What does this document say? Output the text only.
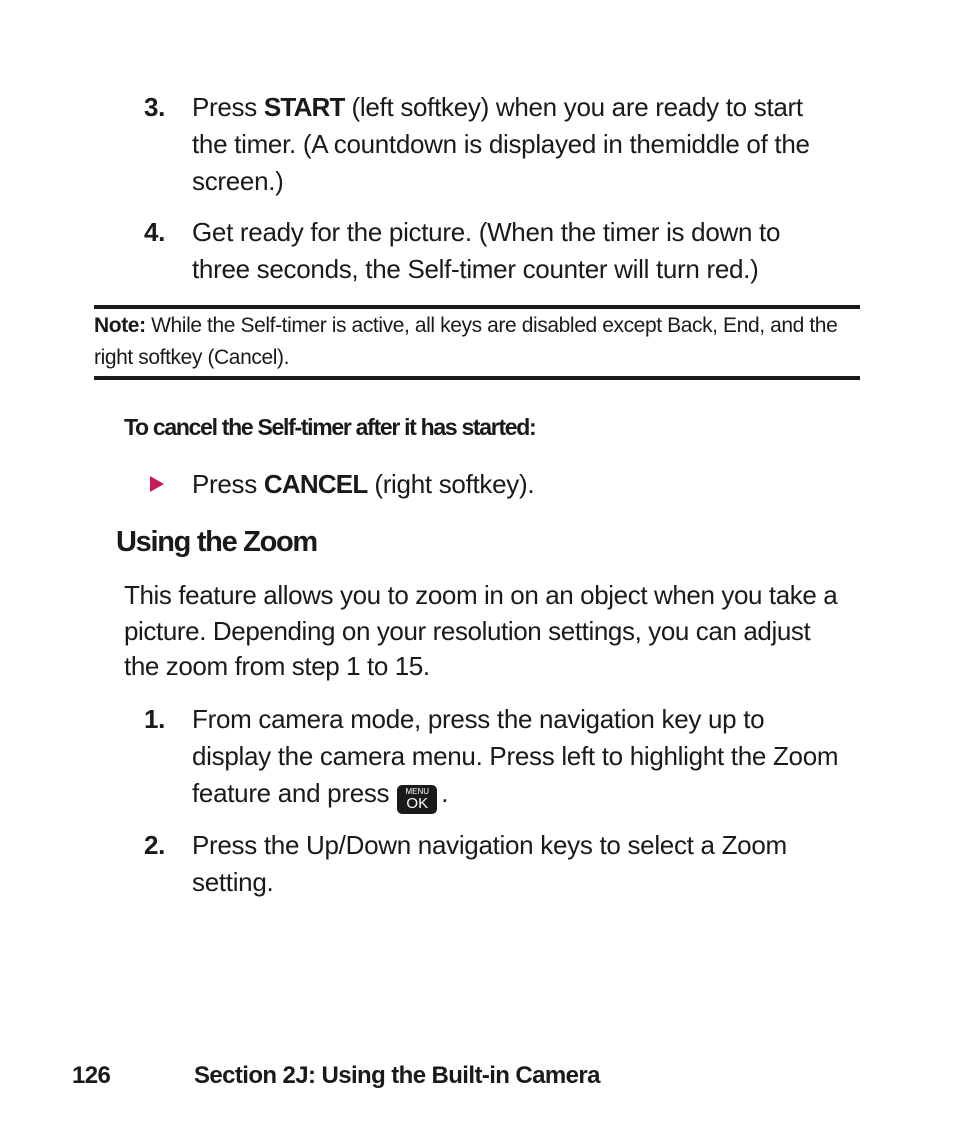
3. Press START (left softkey) when you are ready to start the timer. (A countdown is displayed in themiddle of the screen.)
4. Get ready for the picture. (When the timer is down to three seconds, the Self-timer counter will turn red.)
Note: While the Self-timer is active, all keys are disabled except Back, End, and the right softkey (Cancel).
To cancel the Self-timer after it has started:
Press CANCEL (right softkey).
Using the Zoom
This feature allows you to zoom in on an object when you take a picture. Depending on your resolution settings, you can adjust the zoom from step 1 to 15.
1. From camera mode, press the navigation key up to display the camera menu. Press left to highlight the Zoom feature and press	MENU
OK .
2. Press the Up/Down navigation keys to select a Zoom setting.
126	Section 2J: Using the Built-in Camera
